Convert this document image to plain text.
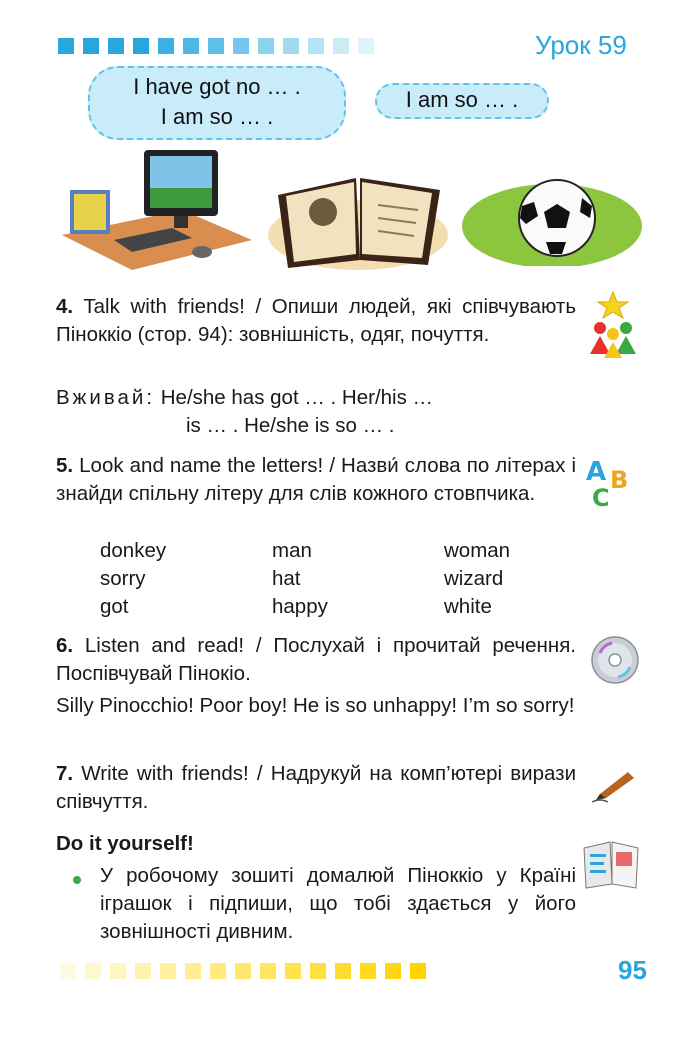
Урок 59
I have got no … .
I am so … .
I am so … .
4. Talk with friends! / Опиши людей, які співчувають Піноккіо (стор. 94): зовнішність, одяг, почуття.
Вживай: He/she has got … . Her/his …
is … . He/she is so … .
5. Look and name the letters! / Назви́ слова по літерах і знайди спільну літеру для слів кожного стовпчика.
donkey	man	woman
sorry	hat	wizard
got	happy	white
6. Listen and read! / Послухай і прочитай речення. Поспівчувай Пінокіо.
Silly Pinocchio! Poor boy! He is so unhappy! I’m so sorry!
7. Write with friends! / Надрукуй на комп’ютері вирази співчуття.
Do it yourself!
У робочому зошиті домалюй Піноккіо у Країні іграшок і підпиши, що тобі здається у його зовнішності дивним.
A B
C
95
